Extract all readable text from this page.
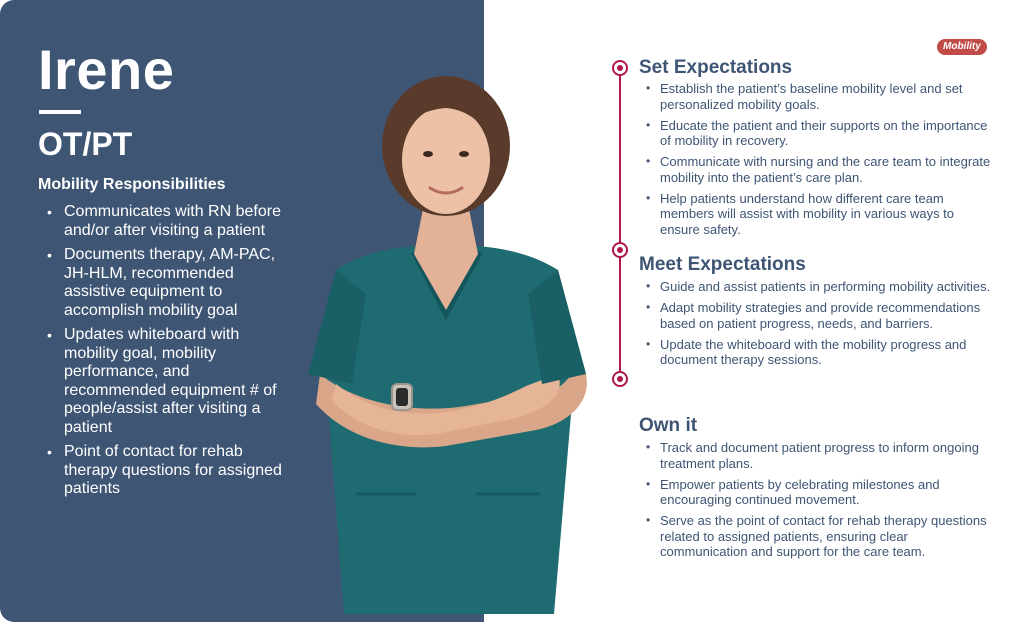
Irene
OT/PT
Mobility Responsibilities
• Communicates with RN before and/or after visiting a patient
• Documents therapy, AM-PAC, JH-HLM, recommended assistive equipment to accomplish mobility goal
• Updates whiteboard with mobility goal, mobility performance, and recommended equipment # of people/assist after visiting a patient
• Point of contact for rehab therapy questions for assigned patients
Mobility
Set Expectations
• Establish the patient’s baseline mobility level and set personalized mobility goals.
• Educate the patient and their supports on the importance of mobility in recovery.
• Communicate with nursing and the care team to integrate mobility into the patient’s care plan.
• Help patients understand how different care team members will assist with mobility in various ways to ensure safety.
Meet Expectations
• Guide and assist patients in performing mobility activities.
• Adapt mobility strategies and provide recommendations based on patient progress, needs, and barriers.
• Update the whiteboard with the mobility progress and document therapy sessions.
Own it
• Track and document patient progress to inform ongoing treatment plans.
• Empower patients by celebrating milestones and encouraging continued movement.
• Serve as the point of contact for rehab therapy questions related to assigned patients, ensuring clear communication and support for the care team.
